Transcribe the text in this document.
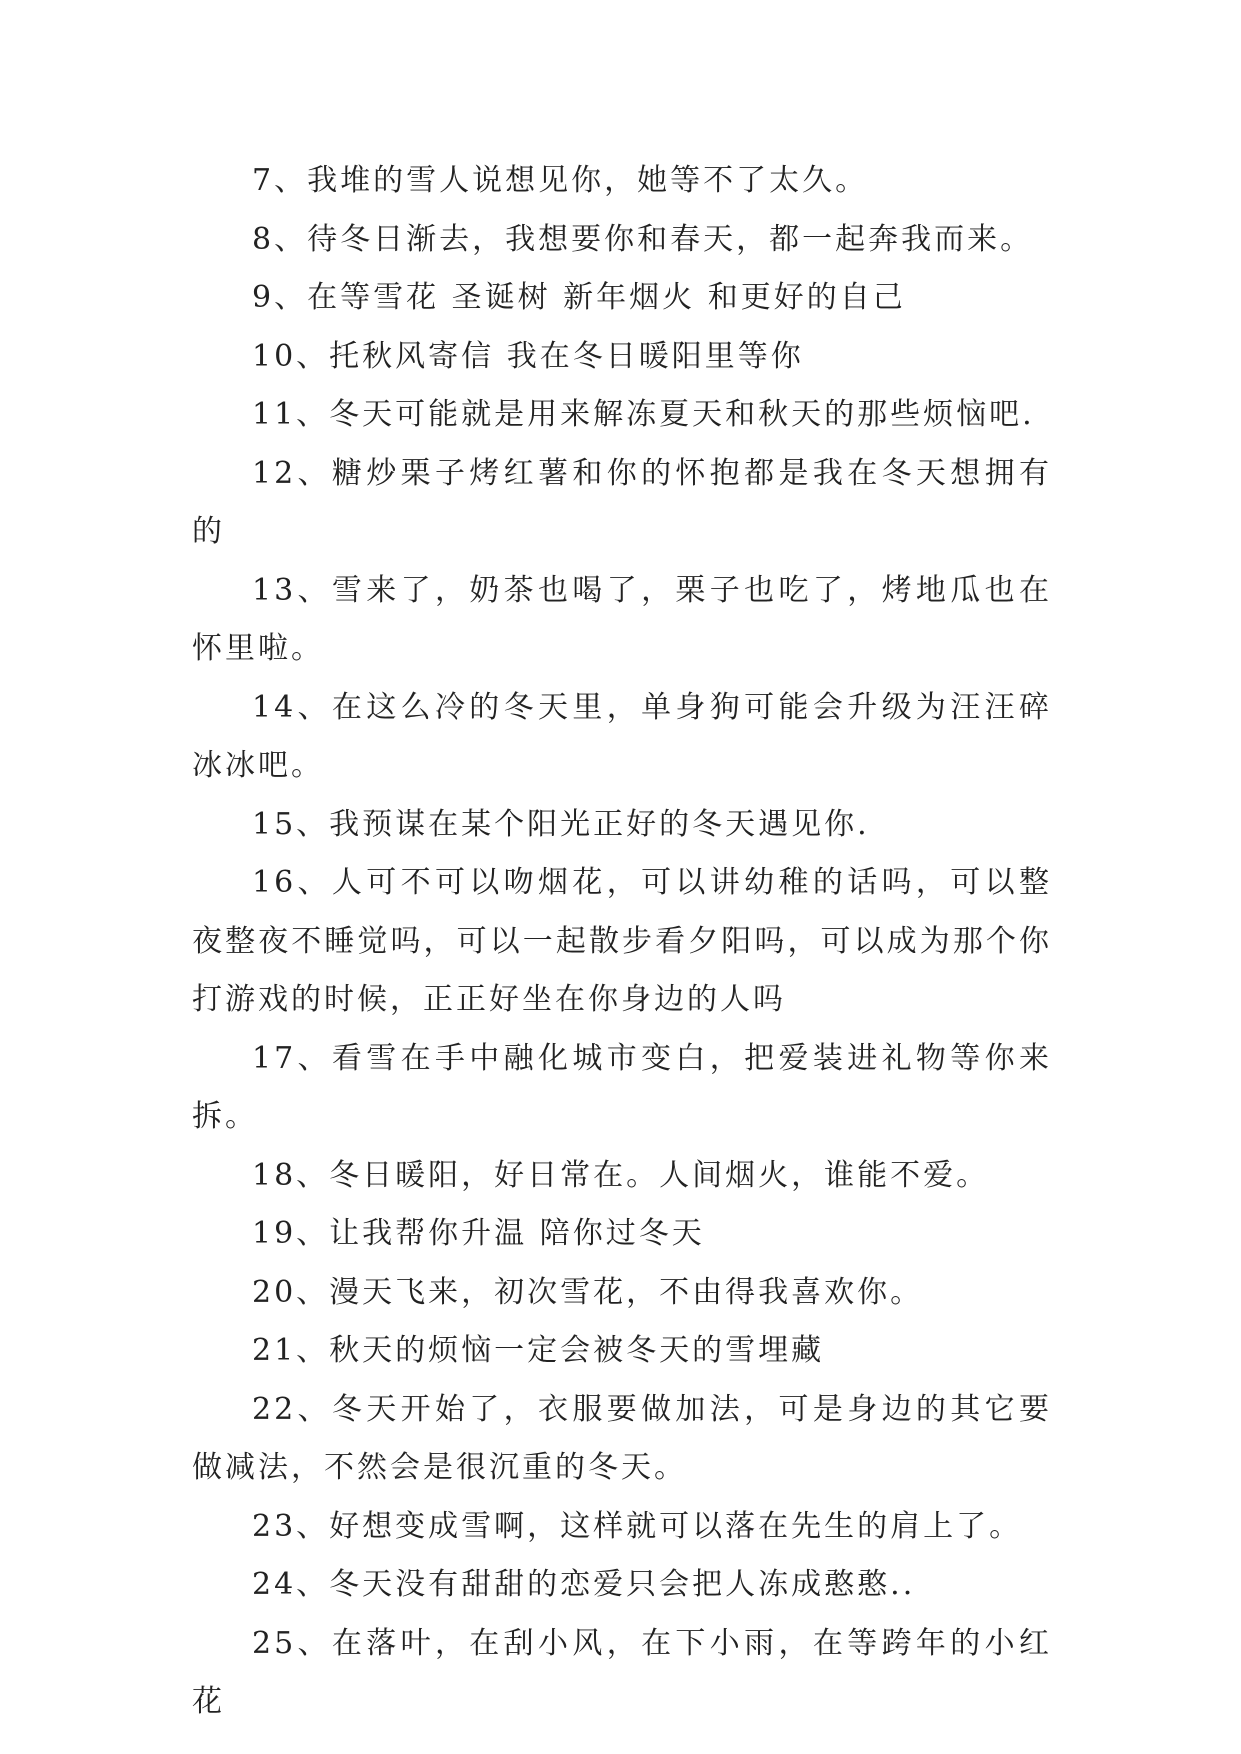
7、我堆的雪人说想见你，她等不了太久。

8、待冬日渐去，我想要你和春天，都一起奔我而来。

9、在等雪花 圣诞树 新年烟火 和更好的自己

10、托秋风寄信 我在冬日暖阳里等你

11、冬天可能就是用来解冻夏天和秋天的那些烦恼吧.

12、糖炒栗子烤红薯和你的怀抱都是我在冬天想拥有的

13、雪来了，奶茶也喝了，栗子也吃了，烤地瓜也在怀里啦。

14、在这么冷的冬天里，单身狗可能会升级为汪汪碎冰冰吧。

15、我预谋在某个阳光正好的冬天遇见你.

16、人可不可以吻烟花，可以讲幼稚的话吗，可以整夜整夜不睡觉吗，可以一起散步看夕阳吗，可以成为那个你打游戏的时候，正正好坐在你身边的人吗

17、看雪在手中融化城市变白，把爱装进礼物等你来拆。

18、冬日暖阳，好日常在。人间烟火，谁能不爱。

19、让我帮你升温 陪你过冬天

20、漫天飞来，初次雪花，不由得我喜欢你。

21、秋天的烦恼一定会被冬天的雪埋藏

22、冬天开始了，衣服要做加法，可是身边的其它要做减法，不然会是很沉重的冬天。

23、好想变成雪啊，这样就可以落在先生的肩上了。

24、冬天没有甜甜的恋爱只会把人冻成憨憨..

25、在落叶，在刮小风，在下小雨，在等跨年的小红花
